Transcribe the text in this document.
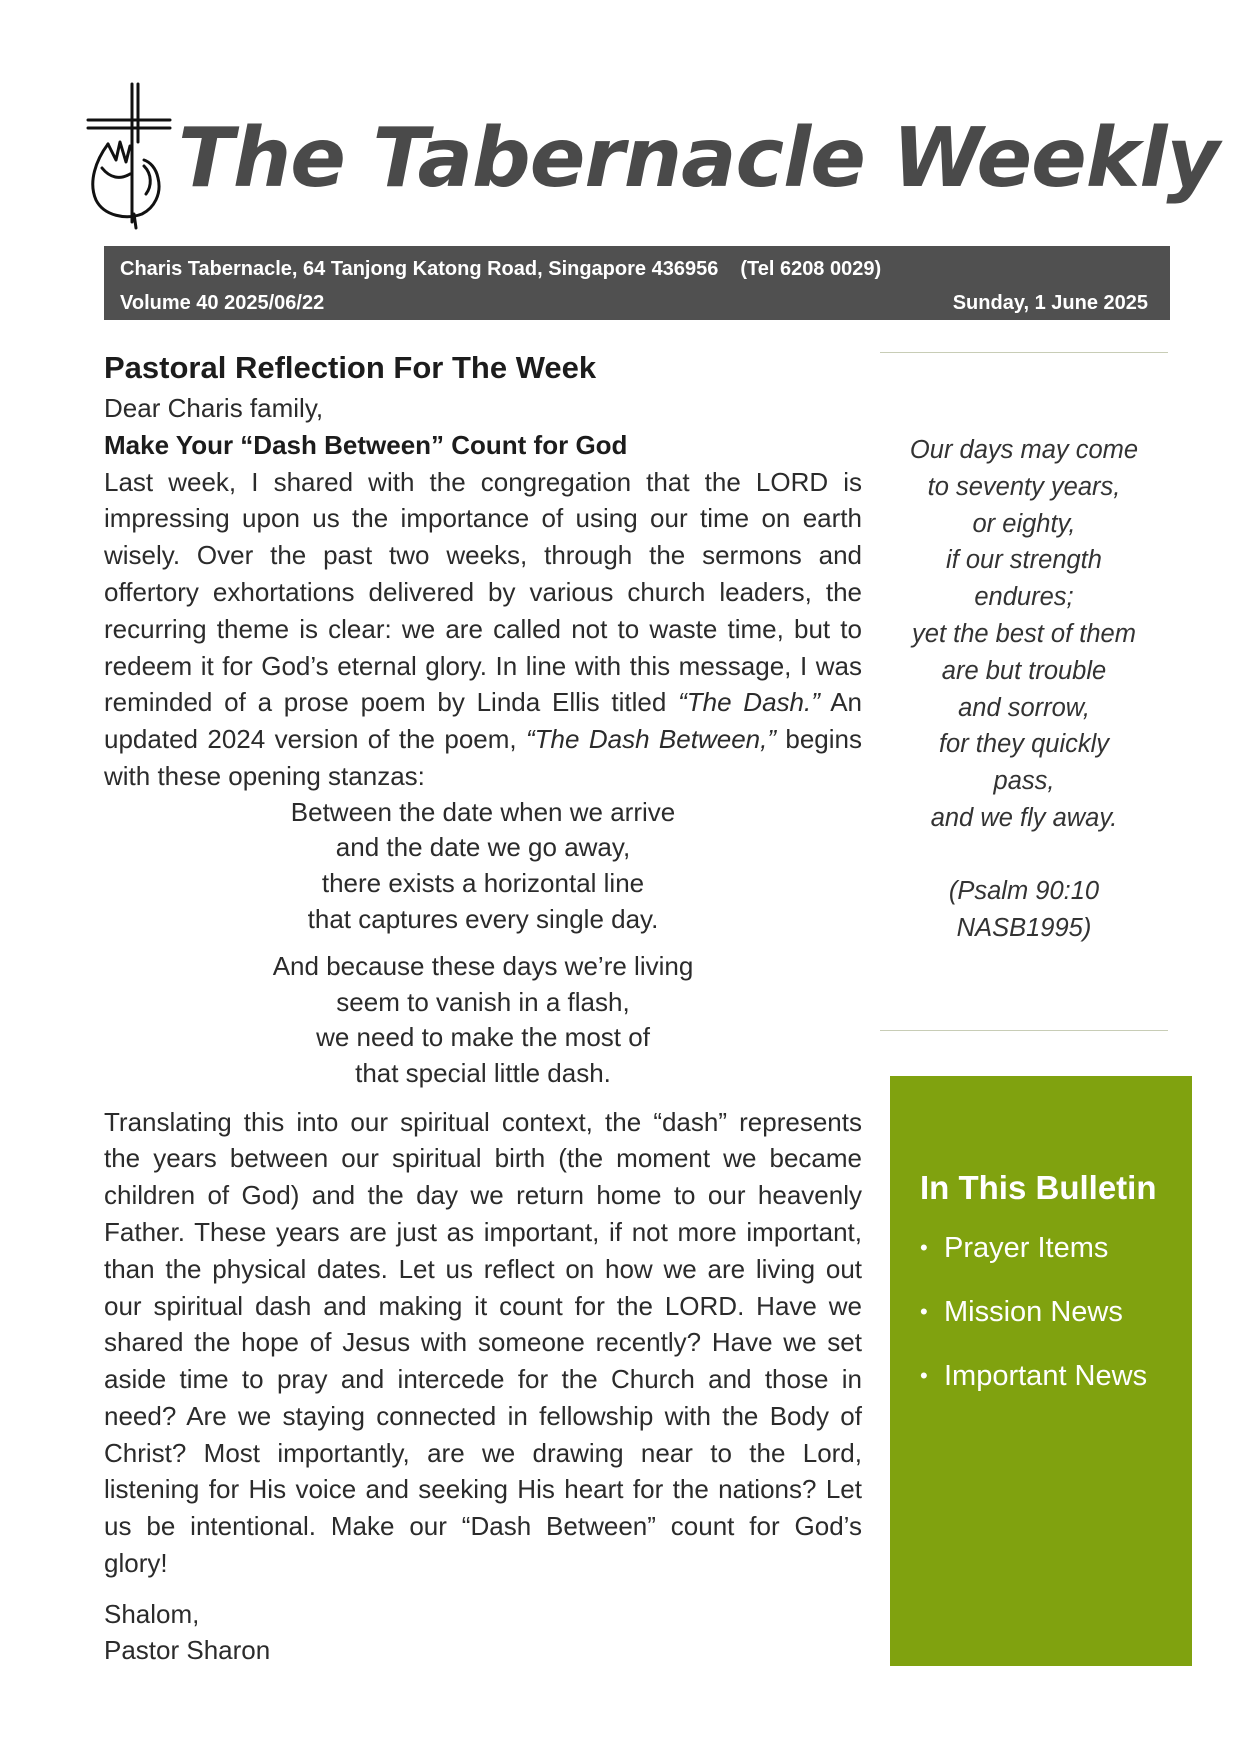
The Tabernacle Weekly
Charis Tabernacle, 64 Tanjong Katong Road, Singapore 436956 (Tel 6208 0029)
Volume 40 2025/06/22	Sunday, 1 June 2025
Pastoral Reflection For The Week

Dear Charis family,

Make Your “Dash Between” Count for God

Last week, I shared with the congregation that the LORD is impressing upon us the importance of using our time on earth wisely. Over the past two weeks, through the sermons and offertory exhortations delivered by various church leaders, the recurring theme is clear: we are called not to waste time, but to redeem it for God’s eternal glory. In line with this message, I was reminded of a prose poem by Linda Ellis titled “The Dash.” An updated 2024 version of the poem, “The Dash Between,” begins with these opening stanzas:

Between the date when we arrive
and the date we go away,
there exists a horizontal line
that captures every single day.
And because these days we’re living
seem to vanish in a flash,
we need to make the most of
that special little dash.

Translating this into our spiritual context, the “dash” represents the years between our spiritual birth (the moment we became children of God) and the day we return home to our heavenly Father. These years are just as important, if not more important, than the physical dates. Let us reflect on how we are living out our spiritual dash and making it count for the LORD. Have we shared the hope of Jesus with someone recently? Have we set aside time to pray and intercede for the Church and those in need? Are we staying connected in fellowship with the Body of Christ? Most importantly, are we drawing near to the Lord, listening for His voice and seeking His heart for the nations? Let us be intentional. Make our “Dash Between” count for God’s glory!

Shalom,

Pastor Sharon

Our days may come
to seventy years,
or eighty,
if our strength
endures;
yet the best of them
are but trouble
and sorrow,
for they quickly
pass,
and we fly away.
(Psalm 90:10
NASB1995)
In This Bulletin
• Prayer Items
• Mission News
• Important News
